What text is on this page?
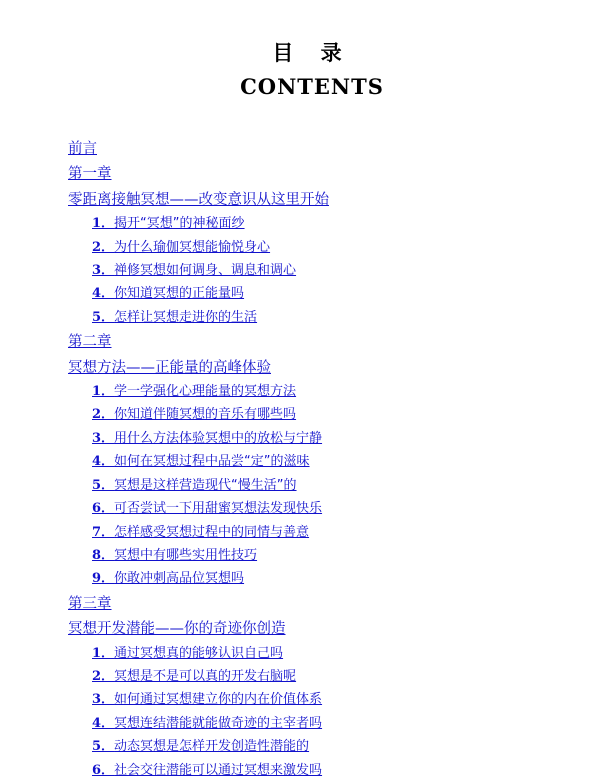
目 录
CONTENTS
前言
第一章
零距离接触冥想——改变意识从这里开始
1．揭开“冥想”的神秘面纱
2．为什么瑜伽冥想能愉悦身心
3．禅修冥想如何调身、调息和调心
4．你知道冥想的正能量吗
5．怎样让冥想走进你的生活
第二章
冥想方法——正能量的高峰体验
1．学一学强化心理能量的冥想方法
2．你知道伴随冥想的音乐有哪些吗
3．用什么方法体验冥想中的放松与宁静
4．如何在冥想过程中品尝“定”的滋味
5．冥想是这样营造现代“慢生活”的
6．可否尝试一下用甜蜜冥想法发现快乐
7．怎样感受冥想过程中的同情与善意
8．冥想中有哪些实用性技巧
9．你敢冲刺高品位冥想吗
第三章
冥想开发潜能——你的奇迹你创造
1．通过冥想真的能够认识自己吗
2．冥想是不是可以真的开发右脑呢
3．如何通过冥想建立你的内在价值体系
4．冥想连结潜能就能做奇迹的主宰者吗
5．动态冥想是怎样开发创造性潜能的
6．社会交往潜能可以通过冥想来激发吗
